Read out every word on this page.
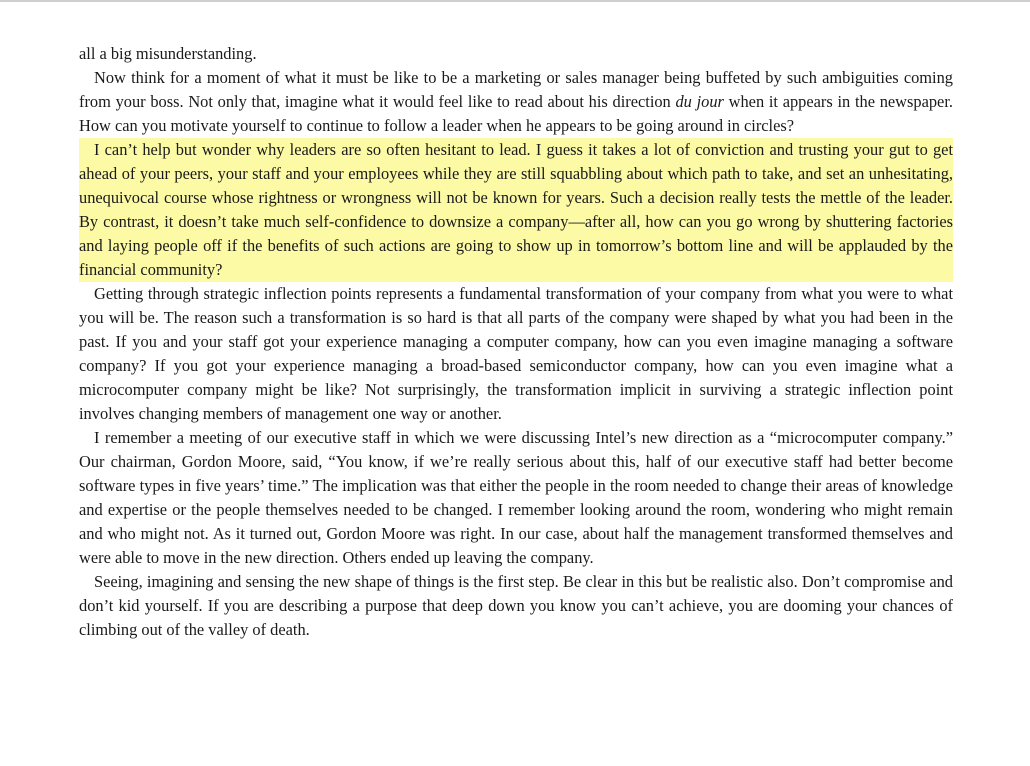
all a big misunderstanding.

Now think for a moment of what it must be like to be a marketing or sales manager being buffeted by such ambiguities coming from your boss. Not only that, imagine what it would feel like to read about his direction du jour when it appears in the newspaper. How can you motivate yourself to continue to follow a leader when he appears to be going around in circles?

I can’t help but wonder why leaders are so often hesitant to lead. I guess it takes a lot of conviction and trusting your gut to get ahead of your peers, your staff and your employees while they are still squabbling about which path to take, and set an unhesitating, unequivocal course whose rightness or wrongness will not be known for years. Such a decision really tests the mettle of the leader. By contrast, it doesn’t take much self-confidence to downsize a company—after all, how can you go wrong by shuttering factories and laying people off if the benefits of such actions are going to show up in tomorrow’s bottom line and will be applauded by the financial community?

Getting through strategic inflection points represents a fundamental transformation of your company from what you were to what you will be. The reason such a transformation is so hard is that all parts of the company were shaped by what you had been in the past. If you and your staff got your experience managing a computer company, how can you even imagine managing a software company? If you got your experience managing a broad-based semiconductor company, how can you even imagine what a microcomputer company might be like? Not surprisingly, the transformation implicit in surviving a strategic inflection point involves changing members of management one way or another.

I remember a meeting of our executive staff in which we were discussing Intel’s new direction as a “microcomputer company.” Our chairman, Gordon Moore, said, “You know, if we’re really serious about this, half of our executive staff had better become software types in five years’ time.” The implication was that either the people in the room needed to change their areas of knowledge and expertise or the people themselves needed to be changed. I remember looking around the room, wondering who might remain and who might not. As it turned out, Gordon Moore was right. In our case, about half the management transformed themselves and were able to move in the new direction. Others ended up leaving the company.

Seeing, imagining and sensing the new shape of things is the first step. Be clear in this but be realistic also. Don’t compromise and don’t kid yourself. If you are describing a purpose that deep down you know you can’t achieve, you are dooming your chances of climbing out of the valley of death.
